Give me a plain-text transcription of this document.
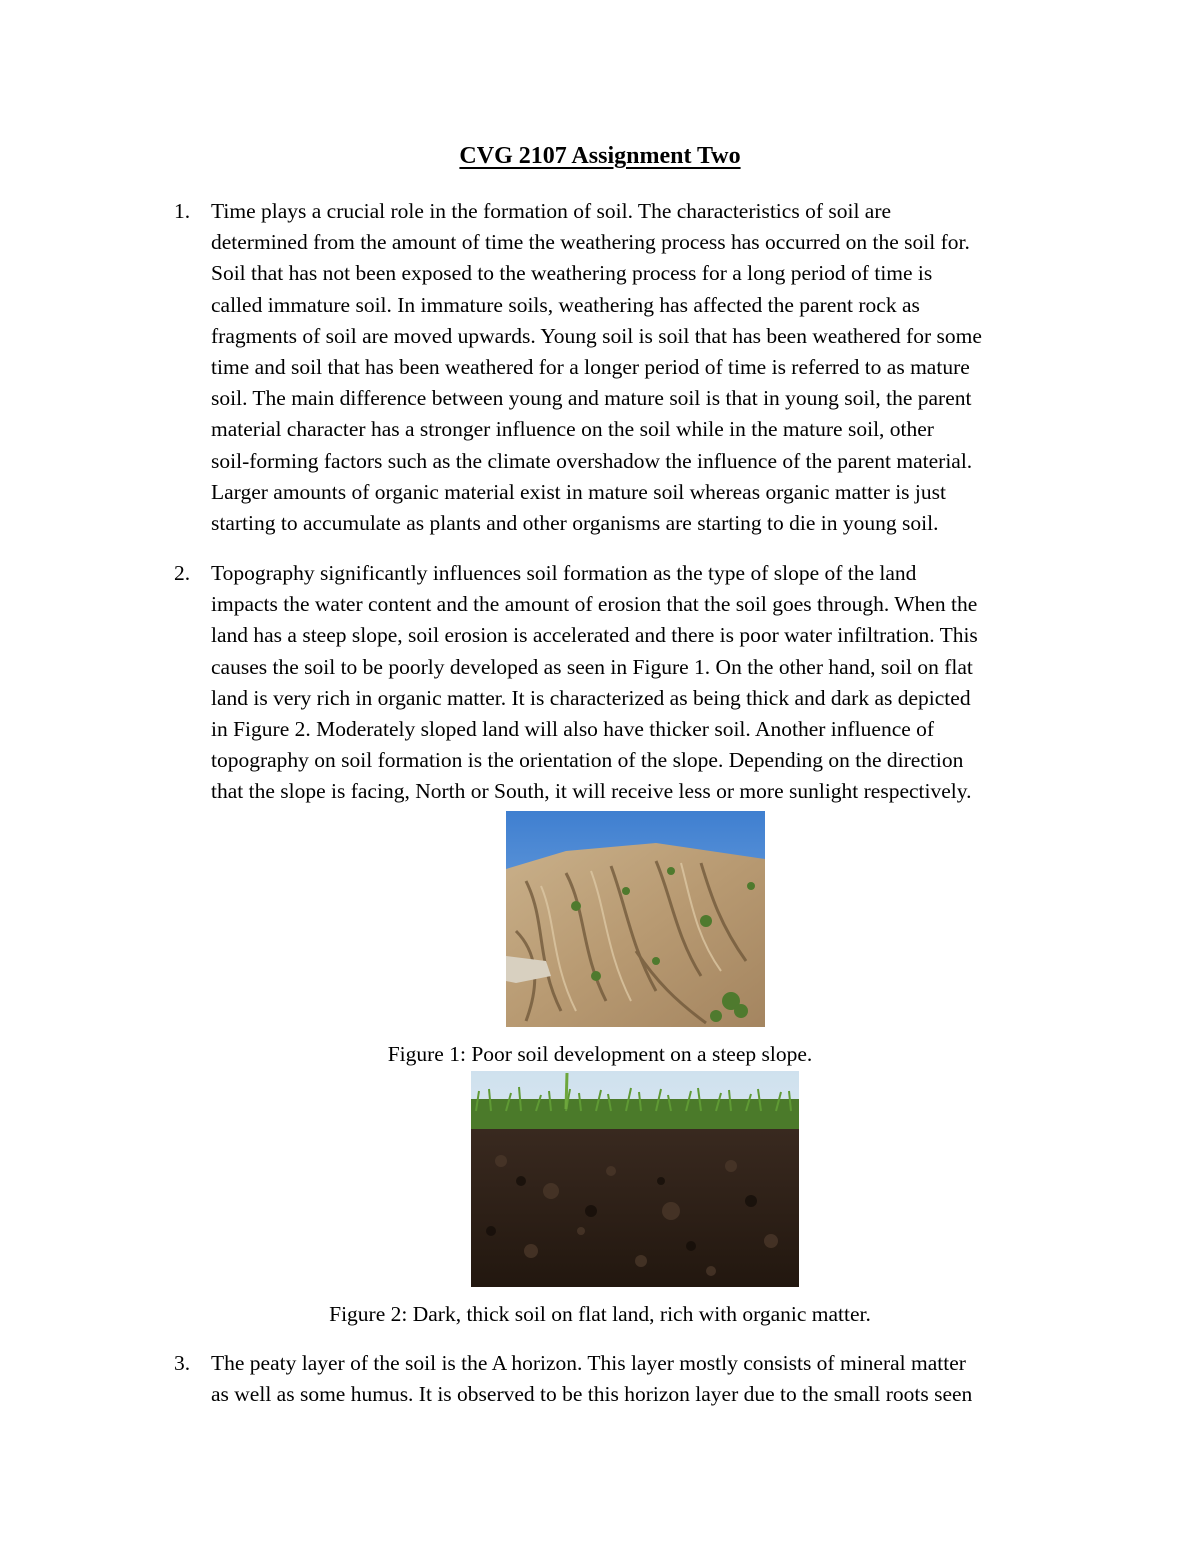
CVG 2107 Assignment Two
1. Time plays a crucial role in the formation of soil. The characteristics of soil are
determined from the amount of time the weathering process has occurred on the soil for.
Soil that has not been exposed to the weathering process for a long period of time is
called immature soil. In immature soils, weathering has affected the parent rock as
fragments of soil are moved upwards. Young soil is soil that has been weathered for some
time and soil that has been weathered for a longer period of time is referred to as mature
soil. The main difference between young and mature soil is that in young soil, the parent
material character has a stronger influence on the soil while in the mature soil, other
soil-forming factors such as the climate overshadow the influence of the parent material.
Larger amounts of organic material exist in mature soil whereas organic matter is just
starting to accumulate as plants and other organisms are starting to die in young soil.
2. Topography significantly influences soil formation as the type of slope of the land
impacts the water content and the amount of erosion that the soil goes through. When the
land has a steep slope, soil erosion is accelerated and there is poor water infiltration. This
causes the soil to be poorly developed as seen in Figure 1. On the other hand, soil on flat
land is very rich in organic matter. It is characterized as being thick and dark as depicted
in Figure 2. Moderately sloped land will also have thicker soil. Another influence of
topography on soil formation is the orientation of the slope. Depending on the direction
that the slope is facing, North or South, it will receive less or more sunlight respectively.
Figure 1: Poor soil development on a steep slope.
Figure 2: Dark, thick soil on flat land, rich with organic matter.
3. The peaty layer of the soil is the A horizon. This layer mostly consists of mineral matter
as well as some humus. It is observed to be this horizon layer due to the small roots seen
